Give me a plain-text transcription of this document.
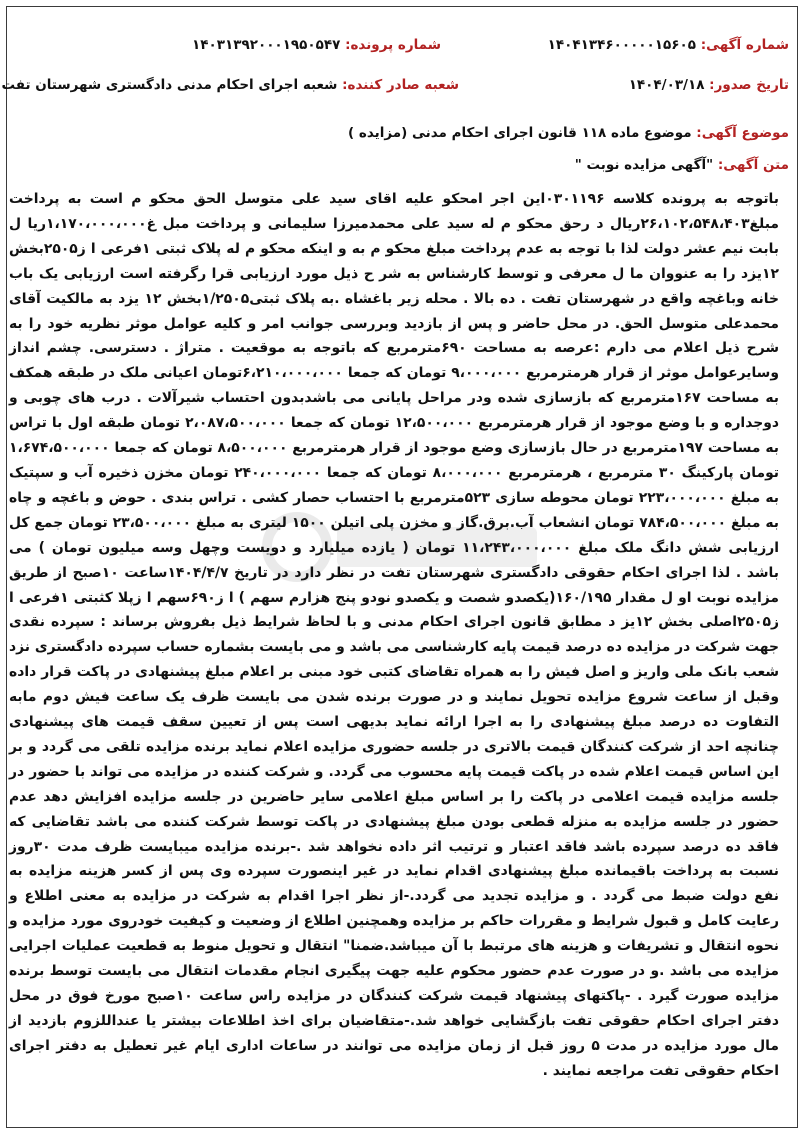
شماره آگهی: ۱۴۰۴۱۳۴۶۰۰۰۰۰۱۵۶۰۵
شماره پرونده: ۱۴۰۳۱۳۹۲۰۰۰۱۹۵۰۵۴۷
تاریخ صدور: ۱۴۰۴/۰۳/۱۸
شعبه صادر کننده: شعبه اجرای احکام مدنی دادگستری شهرستان تفت
موضوع آگهی: موضوع ماده ۱۱۸ قانون اجرای احکام مدنی (مزایده )
متن آگهی: "آگهی مزایده نوبت "

باتوجه به پرونده کلاسه ۰۳۰۱۱۹۶این اجر امحکو علیه اقای سید علی متوسل الحق محکو م است به پرداخت مبلغ۲۶،۱۰۲،۵۴۸،۴۰۳ریال د رحق محکو م له سید علی محمدمیرزا سلیمانی و پرداخت مبل غ۱،۱۷۰،۰۰۰،۰۰۰ریا ل بابت نیم عشر دولت لذا با توجه به عدم پرداخت مبلغ محکو م به و اینکه محکو م له پلاک ثبتی ۱فرعی ا ز۲۵۰۵بخش ۱۲یزد را به عنووان ما ل معرفی و توسط کارشناس به شر ح ذیل مورد ارزیابی قرا رگرفته است ارزیابی یک باب خانه وباغچه واقع در شهرستان تفت . ده بالا . محله زیر باغشاه .به پلاک ثبتی۱/۲۵۰۵بخش ۱۲ یزد به مالکیت آقای محمدعلی متوسل الحق. در محل حاضر و پس از بازدید وبررسی جوانب امر و کلیه عوامل موثر نظریه خود را به شرح ذیل اعلام می دارم :عرصه به مساحت ۶۹۰مترمربع که باتوجه به موقعیت . متراژ . دسترسی. چشم انداز وسایرعوامل موثر از قرار هرمترمربع ۹،۰۰۰،۰۰۰ تومان که جمعا ۶،۲۱۰،۰۰۰،۰۰۰تومان اعیانی ملک در طبقه همکف به مساحت ۱۶۷مترمربع که بازسازی شده ودر مراحل پایانی می باشدبدون احتساب شیرآلات . درب های چوبی و دوجداره و با وضع موجود از قرار هرمترمربع ۱۲،۵۰۰،۰۰۰ تومان که جمعا ۲،۰۸۷،۵۰۰،۰۰۰ تومان طبقه اول با تراس به مساحت ۱۹۷مترمربع در حال بازسازی وضع موجود از قرار هرمترمربع ۸،۵۰۰،۰۰۰ تومان که جمعا ۱،۶۷۴،۵۰۰،۰۰۰ تومان پارکینگ ۳۰ مترمربع ، هرمترمربع ۸،۰۰۰،۰۰۰ تومان که جمعا ۲۴۰،۰۰۰،۰۰۰ تومان مخزن ذخیره آب و سپتیک به مبلغ ۲۲۳،۰۰۰،۰۰۰ تومان محوطه سازی ۵۲۳مترمربع با احتساب حصار کشی . تراس بندی . حوض و باغچه و چاه به مبلغ ۷۸۴،۵۰۰،۰۰۰ تومان انشعاب آب.برق.گاز و مخزن پلی اتیلن ۱۵۰۰ لیتری به مبلغ ۲۳،۵۰۰،۰۰۰ تومان جمع کل ارزیابی شش دانگ ملک مبلغ ۱۱،۲۴۳،۰۰۰،۰۰۰ تومان ( یازده میلیارد و دویست وچهل وسه میلیون تومان ) می باشد . لذا اجرای احکام حقوقی دادگستری شهرستان تفت در نظر دارد در تاریخ ۱۴۰۴/۴/۷ساعت ۱۰صبح از طریق مزایده نوبت او ل مقدار ۱۶۰/۱۹۵(یکصدو شصت و یکصدو نودو پنج هزارم سهم ) ا ز۶۹۰سهم ا زپلا کثبتی ۱فرعی ا ز۲۵۰۵اصلی بخش ۱۲یز د مطابق قانون اجرای احکام مدنی و با لحاظ شرایط ذیل بفروش برساند : سپرده نقدی جهت شرکت در مزایده ده درصد قیمت پایه کارشناسی می باشد و می بایست بشماره حساب سپرده دادگستری نزد شعب بانک ملی واریز و اصل فیش را به همراه تقاضای کتبی خود مبنی بر اعلام مبلغ پیشنهادی در پاکت قرار داده وقبل از ساعت شروع مزایده تحویل نمایند و در صورت برنده شدن می بایست ظرف یک ساعت فیش دوم مابه التفاوت ده درصد مبلغ پیشنهادی را به اجرا ارائه نماید بدیهی است پس از تعیین سقف قیمت های پیشنهادی چنانچه احد از شرکت کنندگان قیمت بالاتری در جلسه حضوری مزایده اعلام نماید برنده مزایده تلقی می گردد و بر این اساس قیمت اعلام شده در پاکت قیمت پایه محسوب می گردد. و شرکت کننده در مزایده می تواند با حضور در جلسه مزایده قیمت اعلامی در پاکت را بر اساس مبلغ اعلامی سایر حاضرین در جلسه مزایده افزایش دهد عدم حضور در جلسه مزایده به منزله قطعی بودن مبلغ پیشنهادی در پاکت توسط شرکت کننده می باشد تقاضایی که فاقد ده درصد سپرده باشد فاقد اعتبار و ترتیب اثر داده نخواهد شد .-برنده مزایده میبایست ظرف مدت ۳۰روز نسبت به پرداخت باقیمانده مبلغ پیشنهادی اقدام نماید در غیر اینصورت سپرده وی پس از کسر هزینه مزایده به نفع دولت ضبط می گردد . و مزایده تجدید می گردد.-از نظر اجرا اقدام به شرکت در مزایده به معنی اطلاع و رعایت کامل و قبول شرایط و مقررات حاکم بر مزایده وهمچنین اطلاع از وضعیت و کیفیت خودروی مورد مزایده و نحوه انتقال و تشریفات و هزینه های مرتبط با آن میباشد.ضمنا" انتقال و تحویل منوط به قطعیت عملیات اجرایی مزایده می باشد .و در صورت عدم حضور محکوم علیه جهت پیگیری انجام مقدمات انتقال می بایست توسط برنده مزایده صورت گیرد . -پاکتهای پیشنهاد قیمت شرکت کنندگان در مزایده راس ساعت ۱۰صبح مورخ فوق در محل دفتر اجرای احکام حقوقی تفت بازگشایی خواهد شد.-متقاضیان برای اخذ اطلاعات بیشتر یا عنداللزوم بازدید از مال مورد مزایده در مدت ۵ روز قبل از زمان مزایده می توانند در ساعات اداری ایام غیر تعطیل به دفتر اجرای احکام حقوقی تفت مراجعه نمایند .
